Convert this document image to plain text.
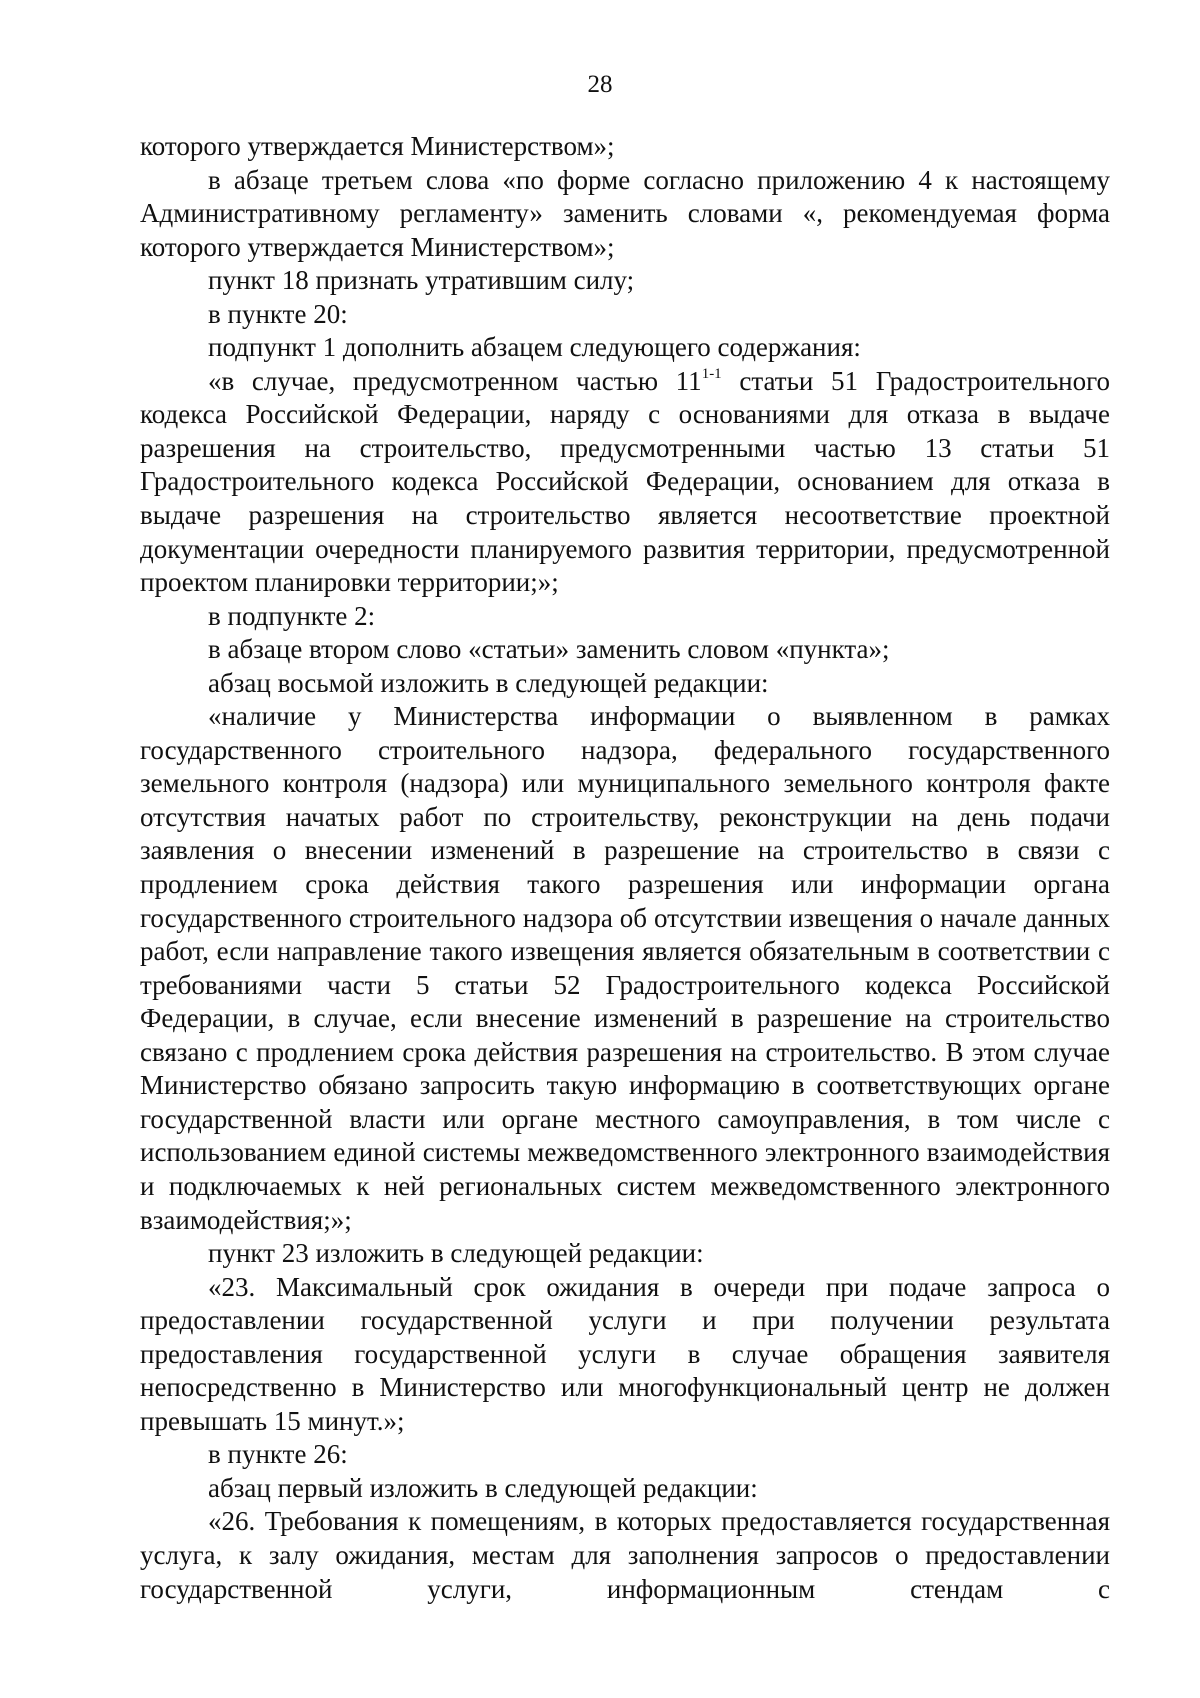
28

которого утверждается Министерством»;

в абзаце третьем слова «по форме согласно приложению 4 к настоящему Административному регламенту» заменить словами «, рекомендуемая форма которого утверждается Министерством»;

пункт 18 признать утратившим силу;

в пункте 20:

подпункт 1 дополнить абзацем следующего содержания:

«в случае, предусмотренном частью 11$^{1-1}$ статьи 51 Градостроительного кодекса Российской Федерации, наряду с основаниями для отказа в выдаче разрешения на строительство, предусмотренными частью 13 статьи 51 Градостроительного кодекса Российской Федерации, основанием для отказа в выдаче разрешения на строительство является несоответствие проектной документации очередности планируемого развития территории, предусмотренной проектом планировки территории;»;

в подпункте 2:

в абзаце втором слово «статьи» заменить словом «пункта»;

абзац восьмой изложить в следующей редакции:

«наличие у Министерства информации о выявленном в рамках государственного строительного надзора, федерального государственного земельного контроля (надзора) или муниципального земельного контроля факте отсутствия начатых работ по строительству, реконструкции на день подачи заявления о внесении изменений в разрешение на строительство в связи с продлением срока действия такого разрешения или информации органа государственного строительного надзора об отсутствии извещения о начале данных работ, если направление такого извещения является обязательным в соответствии с требованиями части 5 статьи 52 Градостроительного кодекса Российской Федерации, в случае, если внесение изменений в разрешение на строительство связано с продлением срока действия разрешения на строительство. В этом случае Министерство обязано запросить такую информацию в соответствующих органе государственной власти или органе местного самоуправления, в том числе с использованием единой системы межведомственного электронного взаимодействия и подключаемых к ней региональных систем межведомственного электронного взаимодействия;»;

пункт 23 изложить в следующей редакции:

«23. Максимальный срок ожидания в очереди при подаче запроса о предоставлении государственной услуги и при получении результата предоставления государственной услуги в случае обращения заявителя непосредственно в Министерство или многофункциональный центр не должен превышать 15 минут.»;

в пункте 26:

абзац первый изложить в следующей редакции:

«26. Требования к помещениям, в которых предоставляется государственная услуга, к залу ожидания, местам для заполнения запросов о предоставлении государственной услуги, информационным стендам с
